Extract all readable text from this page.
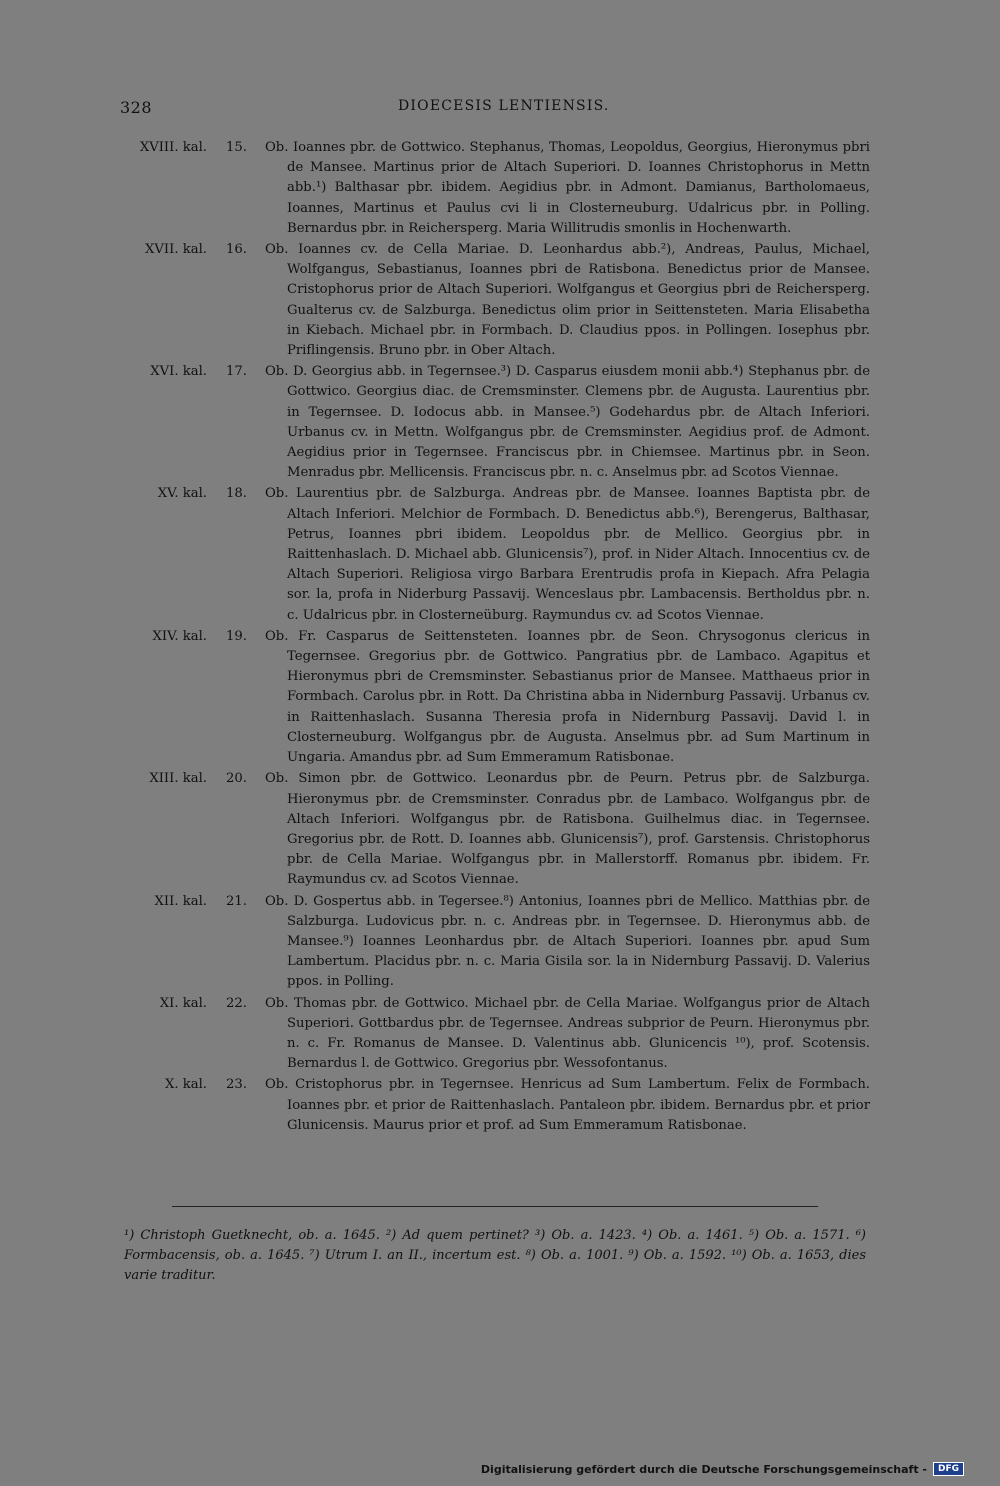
328	DIOECESIS LENTIENSIS.
XVIII. kal.	15. Ob. Ioannes pbr. de Gottwico. Stephanus, Thomas, Leopoldus, Georgius, Hieronymus pbri de Mansee. Martinus prior de Altach Superiori. D. Ioannes Christophorus in Mettn abb.¹) Balthasar pbr. ibidem. Aegidius pbr. in Admont. Damianus, Bartholomaeus, Ioannes, Martinus et Paulus cvi li in Closterneuburg. Udalricus pbr. in Polling. Bernardus pbr. in Reichersperg. Maria Willitrudis smonlis in Hochenwarth.
XVII. kal.	16. Ob. Ioannes cv. de Cella Mariae. D. Leonhardus abb.²), Andreas, Paulus, Michael, Wolfgangus, Sebastianus, Ioannes pbri de Ratisbona. Benedictus prior de Mansee. Cristophorus prior de Altach Superiori. Wolfgangus et Georgius pbri de Reichersperg. Gualterus cv. de Salzburga. Benedictus olim prior in Seittensteten. Maria Elisabetha in Kiebach. Michael pbr. in Formbach. D. Claudius ppos. in Pollingen. Iosephus pbr. Priflingensis. Bruno pbr. in Ober Altach.
XVI. kal.	17. Ob. D. Georgius abb. in Tegernsee.³) D. Casparus eiusdem monii abb.⁴) Stephanus pbr. de Gottwico. Georgius diac. de Cremsminster. Clemens pbr. de Augusta. Laurentius pbr. in Tegernsee. D. Iodocus abb. in Mansee.⁵) Godehardus pbr. de Altach Inferiori. Urbanus cv. in Mettn. Wolfgangus pbr. de Cremsminster. Aegidius prof. de Admont. Aegidius prior in Tegernsee. Franciscus pbr. in Chiemsee. Martinus pbr. in Seon. Menradus pbr. Mellicensis. Franciscus pbr. n. c. Anselmus pbr. ad Scotos Viennae.
XV. kal.	18. Ob. Laurentius pbr. de Salzburga. Andreas pbr. de Mansee. Ioannes Baptista pbr. de Altach Inferiori. Melchior de Formbach. D. Benedictus abb.⁶), Berengerus, Balthasar, Petrus, Ioannes pbri ibidem. Leopoldus pbr. de Mellico. Georgius pbr. in Raittenhaslach. D. Michael abb. Glunicensis⁷), prof. in Nider Altach. Innocentius cv. de Altach Superiori. Religiosa virgo Barbara Erentrudis profa in Kiepach. Afra Pelagia sor. la, profa in Niderburg Passavij. Wenceslaus pbr. Lambacensis. Bertholdus pbr. n. c. Udalricus pbr. in Closterneüburg. Raymundus cv. ad Scotos Viennae.
XIV. kal.	19. Ob. Fr. Casparus de Seittensteten. Ioannes pbr. de Seon. Chrysogonus clericus in Tegernsee. Gregorius pbr. de Gottwico. Pangratius pbr. de Lambaco. Agapitus et Hieronymus pbri de Cremsminster. Sebastianus prior de Mansee. Matthaeus prior in Formbach. Carolus pbr. in Rott. Da Christina abba in Nidernburg Passavij. Urbanus cv. in Raittenhaslach. Susanna Theresia profa in Nidernburg Passavij. David l. in Closterneuburg. Wolfgangus pbr. de Augusta. Anselmus pbr. ad Sum Martinum in Ungaria. Amandus pbr. ad Sum Emmeramum Ratisbonae.
XIII. kal.	20. Ob. Simon pbr. de Gottwico. Leonardus pbr. de Peurn. Petrus pbr. de Salzburga. Hieronymus pbr. de Cremsminster. Conradus pbr. de Lambaco. Wolfgangus pbr. de Altach Inferiori. Wolfgangus pbr. de Ratisbona. Guilhelmus diac. in Tegernsee. Gregorius pbr. de Rott. D. Ioannes abb. Glunicensis⁷), prof. Garstensis. Christophorus pbr. de Cella Mariae. Wolfgangus pbr. in Mallerstorff. Romanus pbr. ibidem. Fr. Raymundus cv. ad Scotos Viennae.
XII. kal.	21. Ob. D. Gospertus abb. in Tegersee.⁸) Antonius, Ioannes pbri de Mellico. Matthias pbr. de Salzburga. Ludovicus pbr. n. c. Andreas pbr. in Tegernsee. D. Hieronymus abb. de Mansee.⁹) Ioannes Leonhardus pbr. de Altach Superiori. Ioannes pbr. apud Sum Lambertum. Placidus pbr. n. c. Maria Gisila sor. la in Nidernburg Passavij. D. Valerius ppos. in Polling.
XI. kal.	22. Ob. Thomas pbr. de Gottwico. Michael pbr. de Cella Mariae. Wolfgangus prior de Altach Superiori. Gottbardus pbr. de Tegernsee. Andreas subprior de Peurn. Hieronymus pbr. n. c. Fr. Romanus de Mansee. D. Valentinus abb. Glunicencis ¹⁰), prof. Scotensis. Bernardus l. de Gottwico. Gregorius pbr. Wessofontanus.
X. kal.	23. Ob. Cristophorus pbr. in Tegernsee. Henricus ad Sum Lambertum. Felix de Formbach. Ioannes pbr. et prior de Raittenhaslach. Pantaleon pbr. ibidem. Bernardus pbr. et prior Glunicensis. Maurus prior et prof. ad Sum Emmeramum Ratisbonae.
¹) Christoph Guetknecht, ob. a. 1645. ²) Ad quem pertinet? ³) Ob. a. 1423. ⁴) Ob. a. 1461. ⁵) Ob. a. 1571. ⁶) Formbacensis, ob. a. 1645. ⁷) Utrum I. an II., incertum est. ⁸) Ob. a. 1001. ⁹) Ob. a. 1592. ¹⁰) Ob. a. 1653, dies varie traditur.
Digitalisierung gefördert durch die Deutsche Forschungsgemeinschaft -	DFG
